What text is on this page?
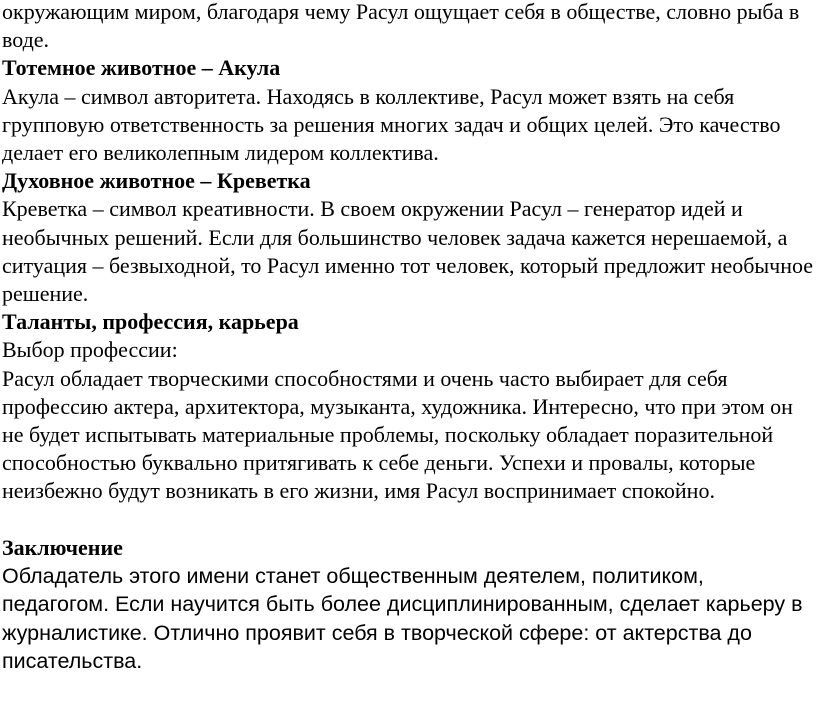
окружающим миром, благодаря чему Расул ощущает себя в обществе, словно рыба в воде.

Тотемное животное – Акула

Акула – символ авторитета. Находясь в коллективе, Расул может взять на себя групповую ответственность за решения многих задач и общих целей. Это качество делает его великолепным лидером коллектива.

Духовное животное – Креветка

Креветка – символ креативности. В своем окружении Расул – генератор идей и необычных решений. Если для большинство человек задача кажется нерешаемой, а ситуация – безвыходной, то Расул именно тот человек, который предложит необычное решение.

Таланты, профессия, карьера

Выбор профессии:

Расул обладает творческими способностями и очень часто выбирает для себя профессию актера, архитектора, музыканта, художника. Интересно, что при этом он не будет испытывать материальные проблемы, поскольку обладает поразительной способностью буквально притягивать к себе деньги. Успехи и провалы, которые неизбежно будут возникать в его жизни, имя Расул воспринимает спокойно.

Заключение

Обладатель этого имени станет общественным деятелем, политиком, педагогом. Если научится быть более дисциплинированным, сделает карьеру в журналистике. Отлично проявит себя в творческой сфере: от актерства до писательства.
